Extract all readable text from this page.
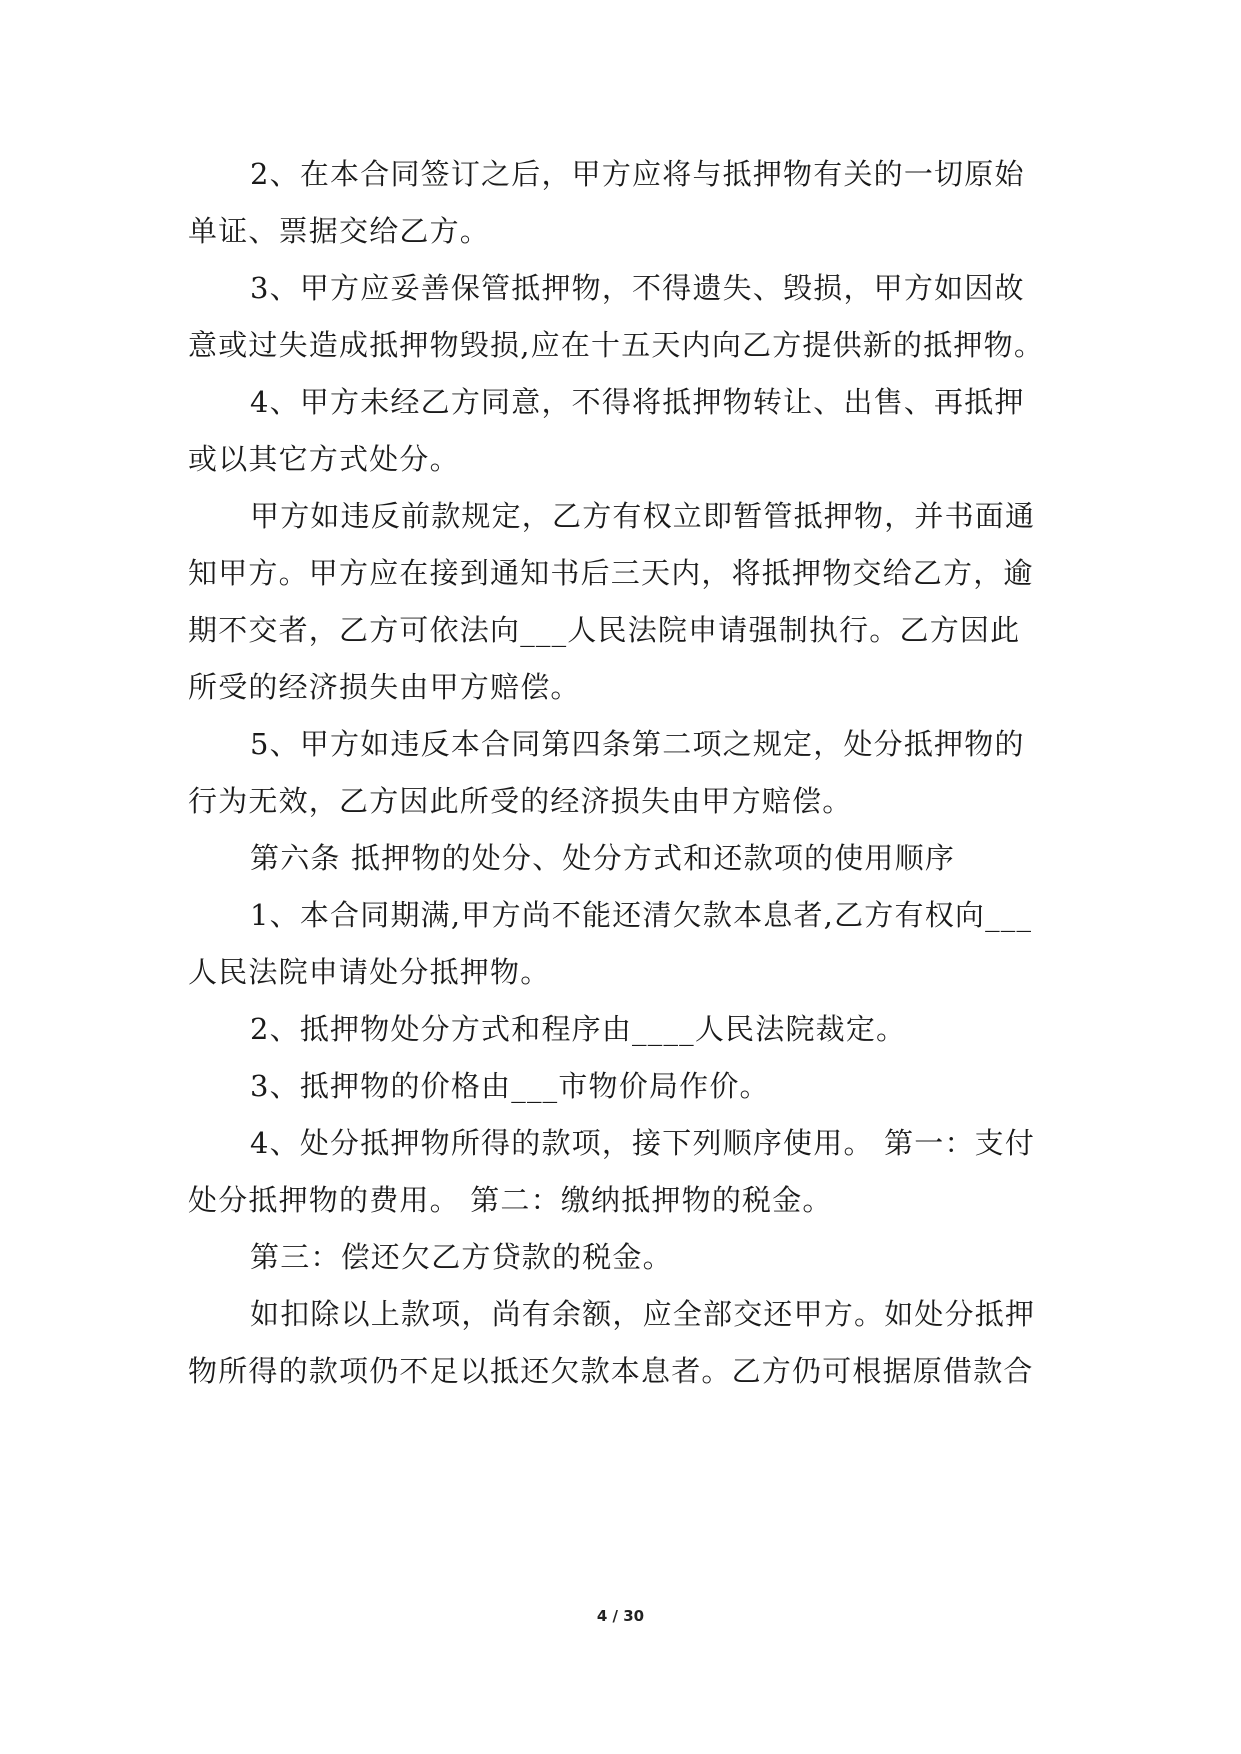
2、在本合同签订之后，甲方应将与抵押物有关的一切原始
单证、票据交给乙方。
3、甲方应妥善保管抵押物，不得遗失、毁损，甲方如因故
意或过失造成抵押物毁损,应在十五天内向乙方提供新的抵押物。
4、甲方未经乙方同意，不得将抵押物转让、出售、再抵押
或以其它方式处分。
甲方如违反前款规定，乙方有权立即暂管抵押物，并书面通
知甲方。甲方应在接到通知书后三天内，将抵押物交给乙方，逾
期不交者，乙方可依法向___人民法院申请强制执行。乙方因此
所受的经济损失由甲方赔偿。
5、甲方如违反本合同第四条第二项之规定，处分抵押物的
行为无效，乙方因此所受的经济损失由甲方赔偿。
第六条 抵押物的处分、处分方式和还款项的使用顺序
1、本合同期满,甲方尚不能还清欠款本息者,乙方有权向___
人民法院申请处分抵押物。
2、抵押物处分方式和程序由____人民法院裁定。
3、抵押物的价格由___市物价局作价。
4、处分抵押物所得的款项，接下列顺序使用。 第一：支付
处分抵押物的费用。 第二：缴纳抵押物的税金。
第三：偿还欠乙方贷款的税金。
如扣除以上款项，尚有余额，应全部交还甲方。如处分抵押
物所得的款项仍不足以抵还欠款本息者。乙方仍可根据原借款合
4 / 30
